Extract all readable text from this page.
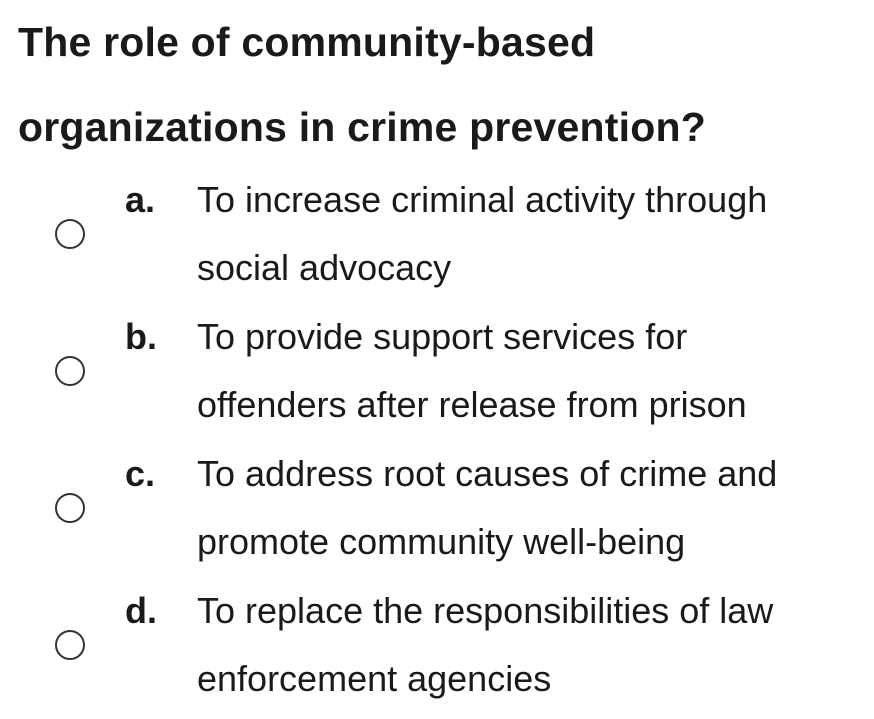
The role of community-based
organizations in crime prevention?
a. To increase criminal activity through
social advocacy
b. To provide support services for
offenders after release from prison
c. To address root causes of crime and
promote community well-being
d. To replace the responsibilities of law
enforcement agencies
